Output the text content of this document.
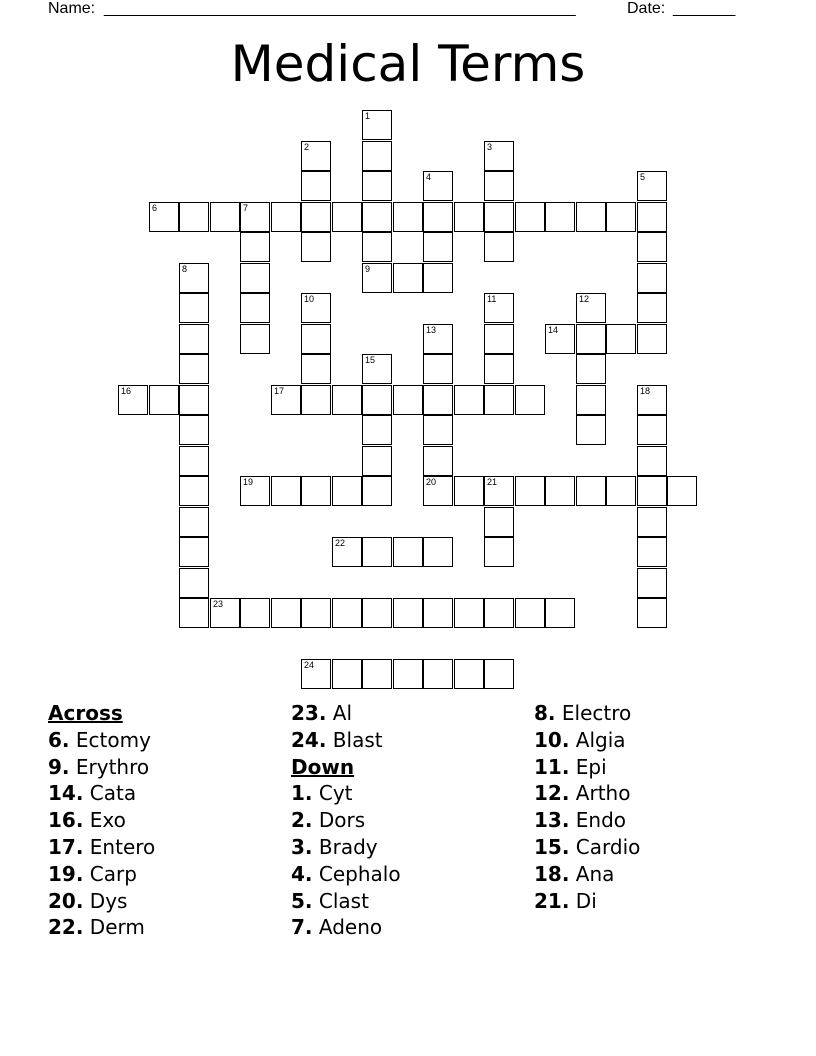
Name: _____________________________________________________	Date: _______
Medical Terms
1
2	3
4	5
6	7
8	9
10	11	12
13
20
14
15
16	17	18
19	21
22
23
24
Across
6. Ectomy
9. Erythro
14. Cata
16. Exo
17. Entero
19. Carp
20. Dys
22. Derm
23. Al
24. Blast
Down
1. Cyt
2. Dors
3. Brady
4. Cephalo
5. Clast
7. Adeno
8. Electro
10. Algia
11. Epi
12. Artho
13. Endo
15. Cardio
18. Ana
21. Di
